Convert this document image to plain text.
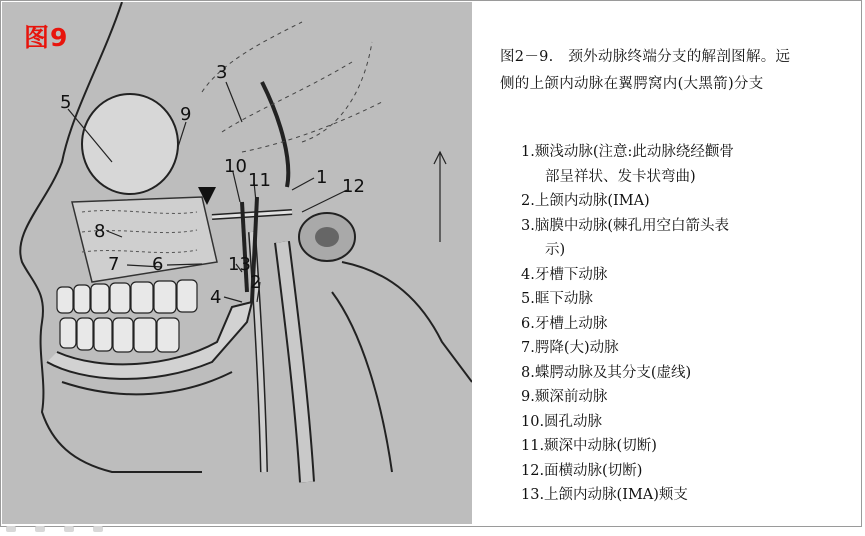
图9
5
9
3
10
11	1 12
8
7 6	13
2
4
图2－9.　颈外动脉终端分支的解剖图解。远侧的上颌内动脉在翼腭窝内(大黑箭)分支
1.颞浅动脉(注意:此动脉绕经颧骨
部呈祥状、发卡状弯曲)
2.上颌内动脉(IMA)
3.脑膜中动脉(棘孔用空白箭头表
示)
4.牙槽下动脉
5.眶下动脉
6.牙槽上动脉
7.腭降(大)动脉
8.蝶腭动脉及其分支(虚线)
9.颞深前动脉
10.圆孔动脉
11.颞深中动脉(切断)
12.面横动脉(切断)
13.上颌内动脉(IMA)颊支
